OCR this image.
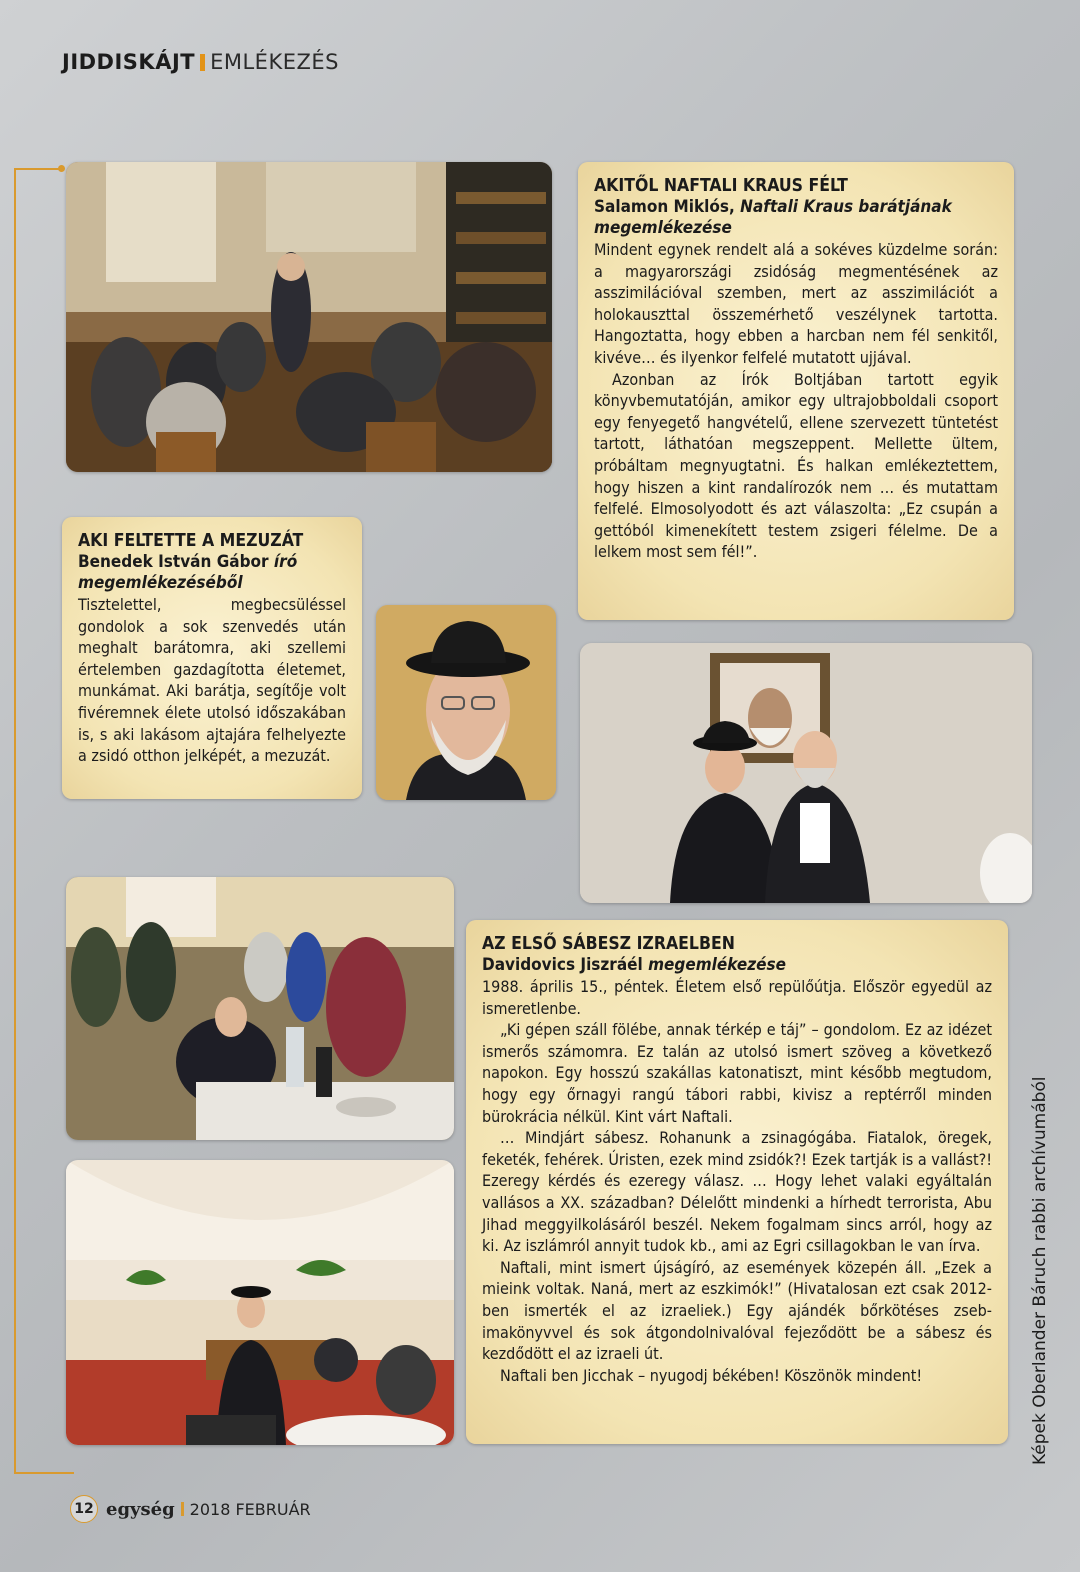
JIDDISKÁJT EMLÉKEZÉS
AKITŐL NAFTALI KRAUS FÉLT
Salamon Miklós, Naftali Kraus barátjának megemlékezése

Mindent egynek rendelt alá a sokéves küzdelme során: a magyarországi zsidóság megmentésének az asszimilációval szemben, mert az asszimilációt a holokauszttal összemérhető veszélynek tartotta. Hangoztatta, hogy ebben a harcban nem fél senkitől, kivéve… és ilyenkor felfelé mutatott ujjával.

Azonban az Írók Boltjában tartott egyik könyvbemutatóján, amikor egy ultrajobboldali csoport egy fenyegető hangvételű, ellene szervezett tüntetést tartott, láthatóan megszeppent. Mellette ültem, próbáltam megnyugtatni. És halkan emlékeztettem, hogy hiszen a kint randalírozók nem … és mutattam felfelé. Elmosolyodott és azt válaszolta: „Ez csupán a gettóból kimenekített testem zsigeri félelme. De a lelkem most sem fél!”.

AKI FELTETTE A MEZUZÁT
Benedek István Gábor író megemlékezéséből

Tisztelettel, megbecsüléssel gondolok a sok szenvedés után meghalt barátomra, aki szellemi értelemben gazdagította életemet, munkámat. Aki barátja, segítője volt fivéremnek élete utolsó időszakában is, s aki lakásom ajtajára felhelyezte a zsidó otthon jelképét, a mezuzát.

AZ ELSŐ SÁBESZ IZRAELBEN
Davidovics Jiszráél megemlékezése

1988. április 15., péntek. Életem első repülőútja. Először egyedül az ismeretlenbe.

„Ki gépen száll fölébe, annak térkép e táj” – gondolom. Ez az idézet ismerős számomra. Ez talán az utolsó ismert szöveg a következő napokon. Egy hosszú szakállas katonatiszt, mint később megtudom, hogy egy őrnagyi rangú tábori rabbi, kivisz a reptérről minden bürokrácia nélkül. Kint várt Naftali.

… Mindjárt sábesz. Rohanunk a zsinagógába. Fiatalok, öregek, feketék, fehérek. Úristen, ezek mind zsidók?! Ezek tartják is a vallást?! Ezeregy kérdés és ezeregy válasz. … Hogy lehet valaki egyáltalán vallásos a XX. században? Délelőtt mindenki a hírhedt terrorista, Abu Jihad meggyilkolásáról beszél. Nekem fogalmam sincs arról, hogy az ki. Az iszlámról annyit tudok kb., ami az Egri csillagokban le van írva.

Naftali, mint ismert újságíró, az események közepén áll. „Ezek a mieink voltak. Naná, mert az eszkimók!” (Hivatalosan ezt csak 2012-ben ismerték el az izraeliek.) Egy ajándék bőrkötéses zseb-imakönyvvel és sok átgondolnivalóval fejeződött be a sábesz és kezdődött el az izraeli út.

Naftali ben Jicchak – nyugodj békében! Köszönök mindent!	Képek Oberlander Báruch rabbi archívumából
12 egység 2018 FEBRUÁR
